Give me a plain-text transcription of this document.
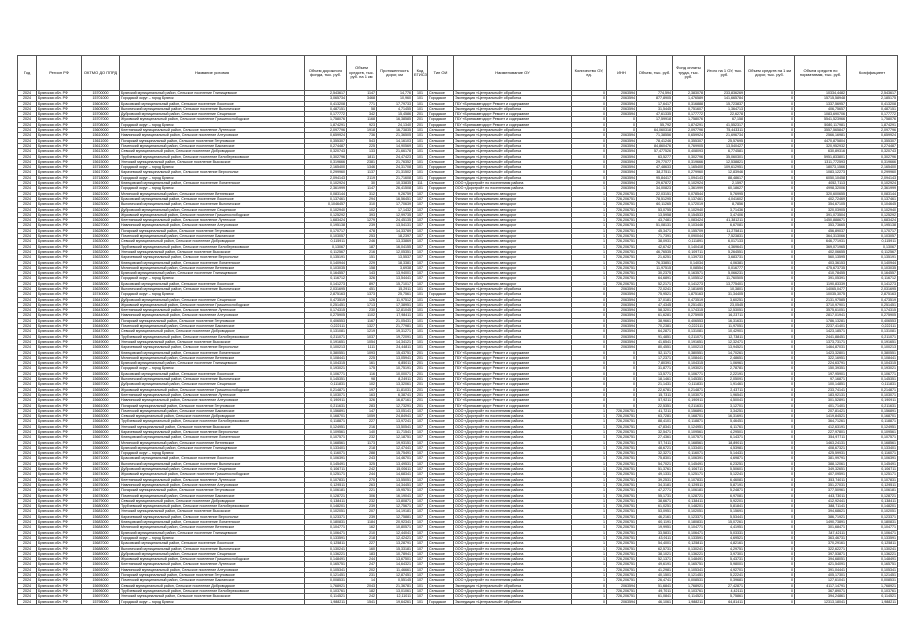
Год	Регион РФ	ОКТМО ДО ППРД	Название условия	Объем дорожного фонда, тыс. руб.	Объем средств, тыс. руб. на 1 км	Протяженность дорог, км	Код ЕГИСЗ	Тип ОИ	Наименование ОУ	Количество ОУ, ед.	ИНН	Объем, тыс. руб.	Фонд оплаты труда, тыс. руб.	Итого на 1 ОУ, тыс. руб.	Объем средств на 1 км дорог, тыс. руб.	Объем средств по нормативам, тыс. руб.	Коэффициент
2024	Брянская обл. РФ	15700000	Брянский муниципальный район, Сельское поселение Глинищевское	2,543617	1147	14,776	101	Сельское	Экспедиция «Центральный» обработка	0	2063594	774,594	2,383078	233,836269	0	10334,4482	2,543617
2024	Брянская обл. РФ	15701000	Городской округ – город Брянск	3,065734	3468	10,960	101	Городское	Экспедиция «Центральный» обработка	0	2063594	877,8905	1,476589	141,665784	0	15715,58948	2,185175
2024	Брянская обл. РФ	15604000	Брасовский муниципальный район, Сельское поселение Локотское	0,413208	771	17,79733	101	Сельское	ГБУ «Брянскавтодор» Ремонт и содержание	0	2063594	17,6417	0,316888	15,723837	0	1337,56957	0,413208
2024	Брянская обл. РФ	15605000	Выгоничский муниципальный район, Сельское поселение Выгоничское	0,487151	58	4,71455	101	Сельское	Экспедиция «Центральный» обработка	0	2063594	31,5445	0,751607	1,364713	0	406,75657	0,487151
2024	Брянская обл. РФ	15706000	Дубровский муниципальный район, Сельское поселение Сещинское	0,177772	342	15,4586	201	Городское	ГБУ «Брянскавтодор» Ремонт и содержание	0	2063594	47,61335	0,177772	22,6278	0	1083,690706	0,177772
2024	Брянская обл. РФ	15707000	Жуковский муниципальный район, Сельское поселение Гришинослободское	1,758076	1168	16,38585	201	Городское	ГБУ «Брянскавтодор» Ремонт и содержание	0	0	17,59918	1,758076	67,158	0	5541,523966	1,758076
2024	Брянская обл. РФ	15708000	Городской округ – город Брянск	1,874291	923	24,1340	201	Городское	ГБУ «Брянскавтодор» Ремонт и содержание	0	0	55,792	1,874291	41,552317	0	5080,117981	1,874291
2024	Брянская обл. РФ	15609000	Клетнянский муниципальный район, Сельское поселение Лутенское	2,097796	1918	16,73835	101	Сельское	Экспедиция «Центральный» обработка	0	0	64,060318	2,097796	75,443311	0	3557,565847	2,097796
2024	Брянская обл. РФ	15610000	Навлинский муниципальный район, Сельское поселение Алтуховское	0,659924	736	21,36505	101	Сельское	Экспедиция «Центральный» обработка	0	2063594	71,38556	0,659924	21,696734	0	2566,16981	0,659924
2024	Брянская обл. РФ	15611000	Погарский муниципальный район, Сельское поселение Гетуновское	0,355307	543	14,16103	101	Сельское	Экспедиция «Центральный» обработка	0	2063594	78,41246	0,355307	25,57695	0	4470,875804	0,355307
2024	Брянская обл. РФ	15612000	Почепский муниципальный район, Сельское поселение Бакланское	0,274487	225	14,90569	101	Сельское	Экспедиция «Центральный» обработка	0	2063594	84,860476	0,769905	13,540427	0	320,952932	0,274487
2024	Брянская обл. РФ	15613000	Севский муниципальный район, Сельское поселение Доброводское	0,320743	133	21,66178	101	Сельское	Экспедиция «Центральный» обработка	0	2063594	57,477526	0,408093	6,774581	0	630,89316	0,320743
2024	Брянская обл. РФ	15614000	Трубчевский муниципальный район, Сельское поселение Белоберезковское	0,302796	1811	24,47423	101	Сельское	Экспедиция «Центральный» обработка	0	2063594	63,5277	0,302796	35,060301	0	5951,833801	0,302796
2024	Брянская обл. РФ	15615000	Унечский муниципальный район, Сельское поселение Высокское	0,319666	2381	21,76352	101	Сельское	Экспедиция «Центральный» обработка	0	2063594	29,77077	0,319666	12,538821	0	1311,772593	0,319666
2024	Брянская обл. РФ	15716000	Городской округ – город Брянск	2,165400	1346	24,31708	101	Городское	Экспедиция «Центральный» обработка	0	2063594	47,48633	1,165400	109,612951	0	18073,1566	2,165400
2024	Брянская обл. РФ	15617000	Карачевский муниципальный район, Сельское поселение Верхополье	0,299960	1137	21,31502	101	Сельское	Экспедиция «Центральный» обработка	0	2063594	38,27511	0,279960	12,83946	0	1083,12273	0,299960
2024	Брянская обл. РФ	15718000	Городской округ – город Брянск	2,094143	2119	21,71608	101	Городское	Экспедиция «Центральный» обработка	0	2063594	95,84417	1,094143	88,48617	0	6050,10458	2,094143
2024	Брянская обл. РФ	15619000	Клинцовский муниципальный район, Сельское поселение Лопатенское	0,102924	30	10,33835	111	Сельское	ООО «Дорстрой» по поселениям района	0	2063594	29,67872	0,102924	2,1597	0	4052,7113	0,102924
2024	Брянская обл. РФ	15720000	Городской округ – город Брянск	2,361999	1147	26,41508	101	Городское	ООО «Дорстрой» по поселениям района	1	2063594	34,00823	1,361999	60,18627	0	4998,32006	2,361999
2024	Брянская обл. РФ	15621000	Мглинский муниципальный район, Сельское поселение Ветлевское	0,083144	312	9,26759	107	Сельское	Филиал по обслуживанию автодорог	1	726,206751	22,03151	0,078544	5,76995	0	320,600655	0,083144
2024	Брянская обл. РФ	15622000	Брасовский муниципальный район, Сельское поселение Локотское	0,137461	294	16,56451	107	Сельское	Филиал по обслуживанию автодорог	1	726,206751	78,51295	0,137461	4,041602	0	402,72469	0,137461
2024	Брянская обл. РФ	15623000	Выгоничский муниципальный район, Сельское поселение Выгоничское	0,1046457	310	17,70639	107	Сельское	Филиал по обслуживанию автодорог	1	726,206751	60,11265	0,172019	8,7856	0	354,67105	0,104645
2024	Брянская обл. РФ	15624000	Дубровский муниципальный район, Сельское поселение Сещинское	0,102940	102	17,1432	107	Сельское	Филиал по обслуживанию автодорог	1	726,206751	53,0755	0,102940	3,71436	0	320,03905	0,102940
2024	Брянская обл. РФ	15625000	Жуковский муниципальный район, Сельское поселение Гришинослободское	0,125292	393	12,99735	107	Сельское	Филиал по обслуживанию автодорог	1	726,206751	13,5958	0,154533	3,47406	0	391,073504	0,125292
2024	Брянская обл. РФ	15626000	Клетнянский муниципальный район, Сельское поселение Лутенское	1,683424	1279	24,45135	107	Сельское	Филиал по обслуживанию автодорог	1	726,206751	43,7481	1,083424	41,381211	0	1450,888671	1,683424
2024	Брянская обл. РФ	15627000	Навлинский муниципальный район, Сельское поселение Алтуховское	0,195138	239	13,54131	107	Сельское	Филиал по обслуживанию автодорог	1	726,206751	51,08131	0,103446	6,67081	0	353,73665	0,195138
2024	Брянская обл. РФ	15628000	Погарский муниципальный район, Сельское поселение Гетуновское	0,170717	478	14,33789	107	Сельское	Филиал по обслуживанию автодорог	1	726,206751	45,3471	0,155709	11,275811	0	456,89037	0,170717
2024	Брянская обл. РФ	15629000	Почепский муниципальный район, Сельское поселение Бакланское	0,103057	253	18,2397	107	Сельское	Филиал по обслуживанию автодорог	1	726,206751	71,7391	0,090044	7,523831	0	364,313066	0,103057
2024	Брянская обл. РФ	15630000	Севский муниципальный район, Сельское поселение Доброводское	0,115911	246	13,33869	107	Сельское	Филиал по обслуживанию автодорог	1	726,206751	38,0931	0,111891	6,017133	0	646,771931	0,115911
2024	Брянская обл. РФ	15631000	Трубчевский муниципальный район, Сельское поселение Белоберезковское	0,13067	187	16,04155	107	Сельское	Филиал по обслуживанию автодорог	1	726,206751	42,6742	0,140418	4,369641	0	369,071965	0,13067
2024	Брянская обл. РФ	15632000	Унечский муниципальный район, Сельское поселение Высокское	0,112567	216	12,05351	107	Сельское	Филиал по обслуживанию автодорог	1	726,206751	46,76535	0,109711	5,264551	0	402,06655	0,112567
2024	Брянская обл. РФ	15633000	Карачевский муниципальный район, Сельское поселение Верхополье	0,135191	151	13,5537	107	Сельское	Филиал по обслуживанию автодорог	1	726,206751	21,6251	0,139733	3,683731	0	560,13595	0,135191
2024	Брянская обл. РФ	15634000	Клинцовский муниципальный район, Сельское поселение Лопатенское	0,140944	229	18,3381	107	Сельское	Филиал по обслуживанию автодорог	1	726,206751	76,33851	0,14034	4,06381	0	403,36153	0,140944
2024	Брянская обл. РФ	15635000	Мглинский муниципальный район, Сельское поселение Ветлевское	0,103035	158	3,6938	107	Сельское	Филиал по обслуживанию автодорог	1	726,206751	11,97515	0,08554	0,016777	0	475,673735	0,103035
2024	Брянская обл. РФ	15636000	Брянский муниципальный район, Сельское поселение Глинищевское	0,164557	143	13,94001	107	Сельское	Филиал по обслуживанию автодорог	1	726,206751	30,2375	0,163571	5,066231	0	410,78455	0,164557
2024	Брянская обл. РФ	15637000	Городской округ – город Брянск	0,116712	326	13,54441	107	Сельское	Филиал по обслуживанию автодорог	1	726,206751	64,6891	0,105512	11,760505	0	391,05391	0,116712
2024	Брянская обл. РФ	15638000	Брасовский муниципальный район, Сельское поселение Локотское	0,141273	897	15,71017	107	Сельское	Филиал по обслуживанию автодорог	1	726,206751	52,2171	0,141273	13,775401	0	1190,83339	0,141273
2024	Брянская обл. РФ	15639000	Выгоничский муниципальный район, Сельское поселение Выгоничское	2,031695	451	15,2911	101	Сельское	Экспедиция «Центральный» обработка	0	2063594	72,0241	2,181695	10,3801	0	14065,0477	2,031695
2024	Брянская обл. РФ	15740000	Городской округ – город Брянск	2,875163	1373	25,7561	101	Городское	Экспедиция «Центральный» обработка	0	2063594	75,9521	1,875163	31,34405	0	10035,3075	2,875163
2024	Брянская обл. РФ	15641000	Дубровский муниципальный район, Сельское поселение Сещинское	0,473519	126	11,97512	101	Сельское	Экспедиция «Центральный» обработка	0	2063594	37,0181	0,473519	3,60251	0	2131,97585	0,473519
2024	Брянская обл. РФ	15642000	Жуковский муниципальный район, Сельское поселение Гришинослободское	0,251451	1713	17,38951	101	Сельское	Экспедиция «Центральный» обработка	0	2063594	47,4345	0,251451	23,0545	0	3710,97901	0,251451
2024	Брянская обл. РФ	15643000	Клетнянский муниципальный район, Сельское поселение Лутенское	0,174315	230	12,81045	101	Сельское	Экспедиция «Центральный» обработка	0	2063594	58,3201	0,174315	12,53051	0	3575,61051	0,174315
2024	Брянская обл. РФ	15644000	Навлинский муниципальный район, Сельское поселение Алтуховское	0,275905	1102	17,98411	101	Сельское	Экспедиция «Центральный» обработка	0	2063594	61,6281	0,275905	16,23711	0	2817,01941	0,275905
2024	Брянская обл. РФ	15645000	Погарский муниципальный район, Сельское поселение Гетуновское	0,406553	1167	21,05431	101	Сельское	Экспедиция «Центральный» обработка	0	2063594	38,9661	0,406553	16,31631	0	1786,13281	0,406553
2024	Брянская обл. РФ	15646000	Почепский муниципальный район, Сельское поселение Бакланское	0,222111	1327	21,77981	101	Сельское	Экспедиция «Центральный» обработка	0	2063594	70,2381	0,222111	11,97051	0	2237,41401	0,222111
2024	Брянская обл. РФ	15647000	Севский муниципальный район, Сельское поселение Доброводское	0,131081	1219	19,31271	101	Сельское	Экспедиция «Центральный» обработка	0	2063594	64,2871	0,131081	10,42901	0	1423,18571	0,131081
2024	Брянская обл. РФ	15648000	Трубчевский муниципальный район, Сельское поселение Белоберезковское	0,211071	1037	19,72091	101	Сельское	Экспедиция «Центральный» обработка	0	2063594	91,4851	0,211071	12,73811	0	2441,88451	0,211071
2024	Брянская обл. РФ	15649000	Унечский муниципальный район, Сельское поселение Высокское	0,191651	1054	14,34121	101	Сельское	Экспедиция «Центральный» обработка	0	2063594	41,6541	0,191651	12,32471	0	1373,73171	0,191651
2024	Брянская обл. РФ	15650000	Карачевский муниципальный район, Сельское поселение Верхополье	0,100213	1111	24,44811	101	Сельское	Экспедиция «Центральный» обработка	0	2063594	80,4551	0,100213	13,94521	0	1464,87031	0,100213
2024	Брянская обл. РФ	15651000	Клинцовский муниципальный район, Сельское поселение Лопатенское	0,380551	1093	15,43751	201	Сельское	ГБУ «Брянскавтодор» Ремонт и содержание	0	0	52,1171	0,380551	14,70261	0	1423,32801	0,380551
2024	Брянская обл. РФ	15652000	Мглинский муниципальный район, Сельское поселение Ветлевское	0,108441	225	13,05941	201	Сельское	ГБУ «Брянскавтодор» Ремонт и содержание	0	0	17,2371	0,108441	2,48651	0	322,16951	0,108441
2024	Брянская обл. РФ	15653000	Брянский муниципальный район, Сельское поселение Глинищевское	0,104315	161	6,85011	201	Сельское	ГБУ «Брянскавтодор» Ремонт и содержание	0	0	7,80391	0,104315	1,06961	0	224,63791	0,104315
2024	Брянская обл. РФ	15654000	Городской округ – город Брянск	0,193021	175	10,75191	201	Сельское	ГБУ «Брянскавтодор» Ремонт и содержание	0	0	31,8771	0,193021	2,78781	0	150,39351	0,193021
2024	Брянская обл. РФ	15655000	Брасовский муниципальный район, Сельское поселение Локотское	0,106771	116	10,00071	201	Сельское	ГБУ «Брянскавтодор» Ремонт и содержание	0	0	13,5771	0,106771	2,22191	0	197,95901	0,106771
2024	Брянская обл. РФ	15656000	Выгоничский муниципальный район, Сельское поселение Выгоничское	0,145351	98	8,24911	201	Сельское	ГБУ «Брянскавтодор» Ремонт и содержание	0	0	18,1461	0,145351	2,05091	0	97,16871	0,145351
2024	Брянская обл. РФ	15657000	Дубровский муниципальный район, Сельское поселение Сещинское	0,111831	102	13,32061	201	Сельское	ГБУ «Брянскавтодор» Ремонт и содержание	0	0	21,1431	0,111831	1,91461	0	100,14851	0,111831
2024	Брянская обл. РФ	15658000	Жуковский муниципальный район, Сельское поселение Гришинослободское	0,214871	197	11,81031	201	Сельское	ГБУ «Брянскавтодор» Ремонт и содержание	0	0	22,6781	0,214871	2,43711	0	233,74141	0,214871
2024	Брянская обл. РФ	15659000	Клетнянский муниципальный район, Сельское поселение Лутенское	0,103071	163	6,38741	201	Сельское	ГБУ «Брянскавтодор» Ремонт и содержание	0	0	15,7311	0,103071	1,96541	0	183,92131	0,103071
2024	Брянская обл. РФ	15660000	Навлинский муниципальный район, Сельское поселение Алтуховское	0,190911	326	16,87161	201	Сельское	ГБУ «Брянскавтодор» Ремонт и содержание	0	0	57,9211	0,190911	4,50041	0	301,52891	0,190911
2024	Брянская обл. РФ	15661000	Погарский муниципальный район, Сельское поселение Гетуновское	0,211631	283	12,73291	201	Сельское	ГБУ «Брянскавтодор» Ремонт и содержание	0	0	22,5351	0,211631	3,12701	0	401,71401	0,211631
2024	Брянская обл. РФ	15662000	Почепский муниципальный район, Сельское поселение Бакланское	0,156891	147	13,05141	107	Сельское	ООО «Дорстрой» по поселениям района	1	726,206751	41,7211	0,156891	3,34251	0	207,81421	0,156891
2024	Брянская обл. РФ	15663000	Севский муниципальный район, Сельское поселение Доброводское	0,168701	1059	24,84941	107	Сельское	ООО «Дорстрой» по поселениям района	1	726,206751	63,7281	0,168701	16,31691	0	1419,84521	0,168701
2024	Брянская обл. РФ	15664000	Трубчевский муниципальный район, Сельское поселение Белоберезковское	0,118871	227	13,97241	107	Сельское	ООО «Дорстрой» по поселениям района	1	726,206751	88,4101	0,118871	5,46451	0	364,71261	0,118871
2024	Брянская обл. РФ	15665000	Унечский муниципальный район, Сельское поселение Высокское	0,124951	216	13,50541	107	Сельское	ООО «Дорстрой» по поселениям района	1	726,206751	47,8341	0,124951	6,11761	0	412,63191	0,124951
2024	Брянская обл. РФ	15666000	Карачевский муниципальный район, Сельское поселение Верхополье	0,109561	140	11,71541	107	Сельское	ООО «Дорстрой» по поселениям района	1	726,206751	32,5471	0,109561	4,29501	0	227,97801	0,109561
2024	Брянская обл. РФ	15667000	Клинцовский муниципальный район, Сельское поселение Лопатенское	0,107571	232	12,18751	107	Сельское	ООО «Дорстрой» по поселениям района	1	726,206751	27,4361	0,107571	6,14371	0	354,97711	0,107571
2024	Брянская обл. РФ	15668000	Мглинский муниципальный район, Сельское поселение Ветлевское	0,168561	1173	19,93151	107	Сельское	ООО «Дорстрой» по поселениям района	1	726,206751	57,7411	0,168561	18,89011	0	1463,24131	0,168561
2024	Брянская обл. РФ	15669000	Брянский муниципальный район, Сельское поселение Глинищевское	0,133401	218	12,47441	107	Сельское	ООО «Дорстрой» по поселениям района	1	726,206751	48,6721	0,133401	4,53981	0	408,67321	0,133401
2024	Брянская обл. РФ	15670000	Городской округ – город Брянск	0,116071	288	15,75491	107	Сельское	ООО «Дорстрой» по поселениям района	1	726,206751	32,3271	0,116071	5,14431	0	425,59931	0,116071
2024	Брянская обл. РФ	15671000	Брасовский муниципальный район, Сельское поселение Локотское	0,106391	243	14,46701	107	Сельское	ООО «Дорстрой» по поселениям района	1	726,206751	75,8301	0,106391	4,69871	0	381,99791	0,106391
2024	Брянская обл. РФ	15672000	Выгоничский муниципальный район, Сельское поселение Выгоничское	0,145491	325	13,49531	107	Сельское	ООО «Дорстрой» по поселениям района	1	726,206751	54,7021	0,145491	6,23251	0	388,12061	0,145491
2024	Брянская обл. РФ	15673000	Дубровский муниципальный район, Сельское поселение Сещинское	0,106711	242	15,00611	107	Сельское	ООО «Дорстрой» по поселениям района	1	726,206751	51,3761	0,106711	5,50601	0	349,32651	0,106711
2024	Брянская обл. РФ	15674000	Жуковский муниципальный район, Сельское поселение Гришинослободское	0,125171	244	14,68341	107	Сельское	ООО «Дорстрой» по поселениям района	1	726,206751	49,1331	0,125171	5,12241	0	407,09591	0,125171
2024	Брянская обл. РФ	15675000	Клетнянский муниципальный район, Сельское поселение Лутенское	0,107831	270	13,55051	107	Сельское	ООО «Дорстрой» по поселениям района	1	726,206751	39,2531	0,107831	6,46081	0	353,74011	0,107831
2024	Брянская обл. РФ	15676000	Навлинский муниципальный район, Сельское поселение Алтуховское	0,129511	263	14,34451	107	Сельское	ООО «Дорстрой» по поселениям района	1	726,206751	34,3181	0,129511	5,87191	0	351,27031	0,129511
2024	Брянская обл. РФ	15677000	Погарский муниципальный район, Сельское поселение Гетуновское	0,106181	221	15,95751	107	Сельское	ООО «Дорстрой» по поселениям района	1	726,206751	47,2771	0,106181	5,24871	0	377,50961	0,106181
2024	Брянская обл. РФ	15678000	Почепский муниципальный район, Сельское поселение Бакланское	0,128721	306	16,19041	107	Сельское	ООО «Дорстрой» по поселениям района	1	726,206751	55,1731	0,128721	6,97081	0	443,73011	0,128721
2024	Брянская обл. РФ	15679000	Севский муниципальный район, Сельское поселение Доброводское	0,138411	232	13,80871	107	Сельское	ООО «Дорстрой» по поселениям района	1	726,206751	38,6671	0,138411	5,92201	0	412,92441	0,138411
2024	Брянская обл. РФ	15680000	Трубчевский муниципальный район, Сельское поселение Белоберезковское	0,148201	239	12,75671	107	Сельское	ООО «Дорстрой» по поселениям района	1	726,206751	61,0251	0,148201	5,81841	0	388,71141	0,148201
2024	Брянская обл. РФ	15681000	Унечский муниципальный район, Сельское поселение Высокское	0,102051	207	14,19181	107	Сельское	ООО «Дорстрой» по поселениям района	1	726,206751	53,0951	0,102051	5,15691	0	394,68621	0,102051
2024	Брянская обл. РФ	15682000	Карачевский муниципальный район, Сельское поселение Верхополье	0,123371	239	12,75881	107	Сельское	ООО «Дорстрой» по поселениям района	1	726,206751	46,2161	0,123371	5,53441	0	386,71921	0,123371
2024	Брянская обл. РФ	15683000	Клинцовский муниципальный район, Сельское поселение Лопатенское	0,180831	1184	20,92341	107	Сельское	ООО «Дорстрой» по поселениям района	1	726,206751	60,1191	0,180831	15,07261	0	1490,73891	0,180831
2024	Брянская обл. РФ	15684000	Мглинский муниципальный район, Сельское поселение Ветлевское	0,104771	162	10,80571	107	Сельское	ООО «Дорстрой» по поселениям района	1	726,206751	19,9951	0,104771	4,41951	0	301,68471	0,104771
2024	Брянская обл. РФ	15685000	Брянский муниципальный район, Сельское поселение Глинищевское	0,106471	210	12,44041	107	Сельское	ООО «Дорстрой» по поселениям района	1	726,206751	33,5831	0,106471	5,03331	0	347,42111	0,106471
2024	Брянская обл. РФ	15686000	Городской округ – город Брянск	0,133591	218	12,42421	107	Сельское	ООО «Дорстрой» по поселениям района	1	726,206751	43,9111	0,133591	4,69521	0	363,46731	0,133591
2024	Брянская обл. РФ	15687000	Брасовский муниципальный район, Сельское поселение Локотское	0,125811	227	13,28791	107	Сельское	ООО «Дорстрой» по поселениям района	1	726,206751	54,4001	0,125811	4,82161	0	370,29161	0,125811
2024	Брянская обл. РФ	15688000	Выгоничский муниципальный район, Сельское поселение Выгоничское	0,130241	160	15,33181	107	Сельское	ООО «Дорстрой» по поселениям района	1	726,206751	62,5731	0,130241	4,29751	0	322,62271	0,130241
2024	Брянская обл. РФ	15689000	Дубровский муниципальный район, Сельское поселение Сещинское	0,136221	183	10,78941	107	Сельское	ООО «Дорстрой» по поселениям района	1	726,206751	38,1021	0,136221	3,97301	0	397,53871	0,136221
2024	Брянская обл. РФ	15690000	Жуковский муниципальный район, Сельское поселение Гришинослободское	0,148491	244	13,67501	107	Сельское	ООО «Дорстрой» по поселениям района	1	726,206751	52,1371	0,148491	5,43731	0	394,68051	0,148491
2024	Брянская обл. РФ	15691000	Клетнянский муниципальный район, Сельское поселение Лутенское	0,165751	247	14,64321	107	Сельское	ООО «Дорстрой» по поселениям района	1	726,206751	49,6191	0,165751	5,98001	0	421,54091	0,165751
2024	Брянская обл. РФ	15692000	Навлинский муниципальный район, Сельское поселение Алтуховское	0,105341	202	11,46661	107	Сельское	ООО «Дорстрой» по поселениям района	1	726,206751	41,2981	0,105341	4,92701	0	391,04441	0,105341
2024	Брянская обл. РФ	15693000	Погарский муниципальный район, Сельское поселение Гетуновское	0,121451	231	12,87451	107	Сельское	ООО «Дорстрой» по поселениям района	1	726,206751	40,1501	0,121451	5,22241	0	405,17301	0,121451
2024	Брянская обл. РФ	15694000	Почепский муниципальный район, Сельское поселение Бакланское	0,008531	14	0,55145	107	Сельское	ООО «Дорстрой» по поселениям района	1	726,206751	26,4741	0,008531	0,39681	0	127,61041	0,008531
2024	Брянская обл. РФ	15695000	Севский муниципальный район, Сельское поселение Доброводское	1,768921	2043	21,36781	101	Сельское	Экспедиция «Центральный» обработка	0	2063594	51,6841	1,768921	27,42871	0	4117,14791	1,768921
2024	Брянская обл. РФ	15696000	Трубчевский муниципальный район, Сельское поселение Белоберезковское	0,103761	182	13,01061	107	Сельское	ООО «Дорстрой» по поселениям района	1	726,206751	49,7011	0,103761	4,42111	0	367,89071	0,103761
2024	Брянская обл. РФ	15697000	Унечский муниципальный район, Сельское поселение Высокское	0,114521	242	12,11011	107	Сельское	ООО «Дорстрой» по поселениям района	1	726,206751	61,0841	0,114521	5,75861	0	394,24861	0,114521
2024	Брянская обл. РФ	15798000	Городской округ – город Брянск	1,988211	1541	19,64261	101	Городское	Экспедиция «Центральный» обработка	0	2063594	46,1061	1,988211	64,81411	0	12313,18041	1,988211
